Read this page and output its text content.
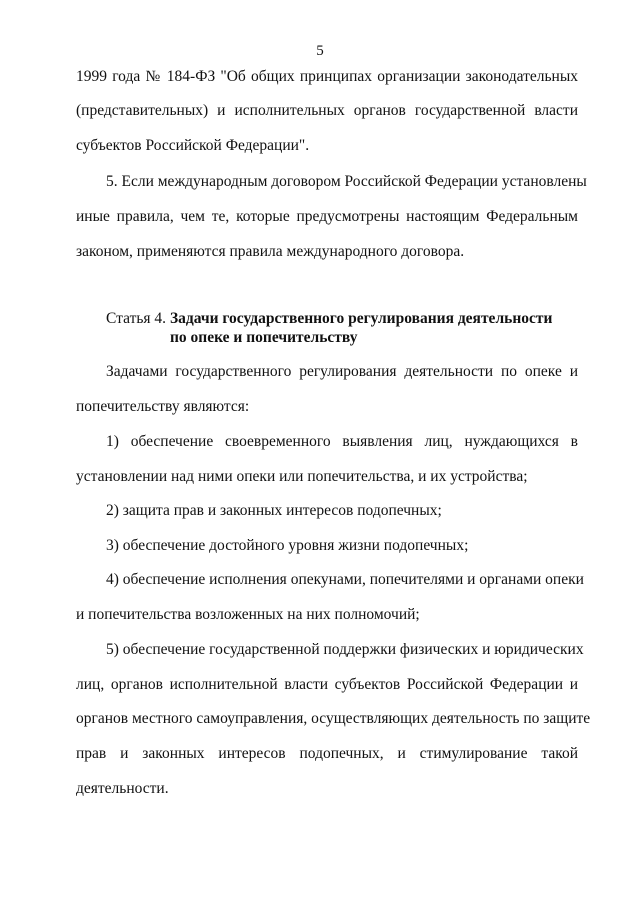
5
1999 года № 184-ФЗ "Об общих принципах организации законодательных
(представительных) и исполнительных органов государственной власти
субъектов Российской Федерации".
5. Если международным договором Российской Федерации установлены
иные правила, чем те, которые предусмотрены настоящим Федеральным
законом, применяются правила международного договора.
Статья 4. Задачи государственного регулирования деятельности
по опеке и попечительству
Задачами государственного регулирования деятельности по опеке и
попечительству являются:
1) обеспечение своевременного выявления лиц, нуждающихся в
установлении над ними опеки или попечительства, и их устройства;
2) защита прав и законных интересов подопечных;
3) обеспечение достойного уровня жизни подопечных;
4) обеспечение исполнения опекунами, попечителями и органами опеки
и попечительства возложенных на них полномочий;
5) обеспечение государственной поддержки физических и юридических
лиц, органов исполнительной власти субъектов Российской Федерации и
органов местного самоуправления, осуществляющих деятельность по защите
прав и законных интересов подопечных, и стимулирование такой
деятельности.
